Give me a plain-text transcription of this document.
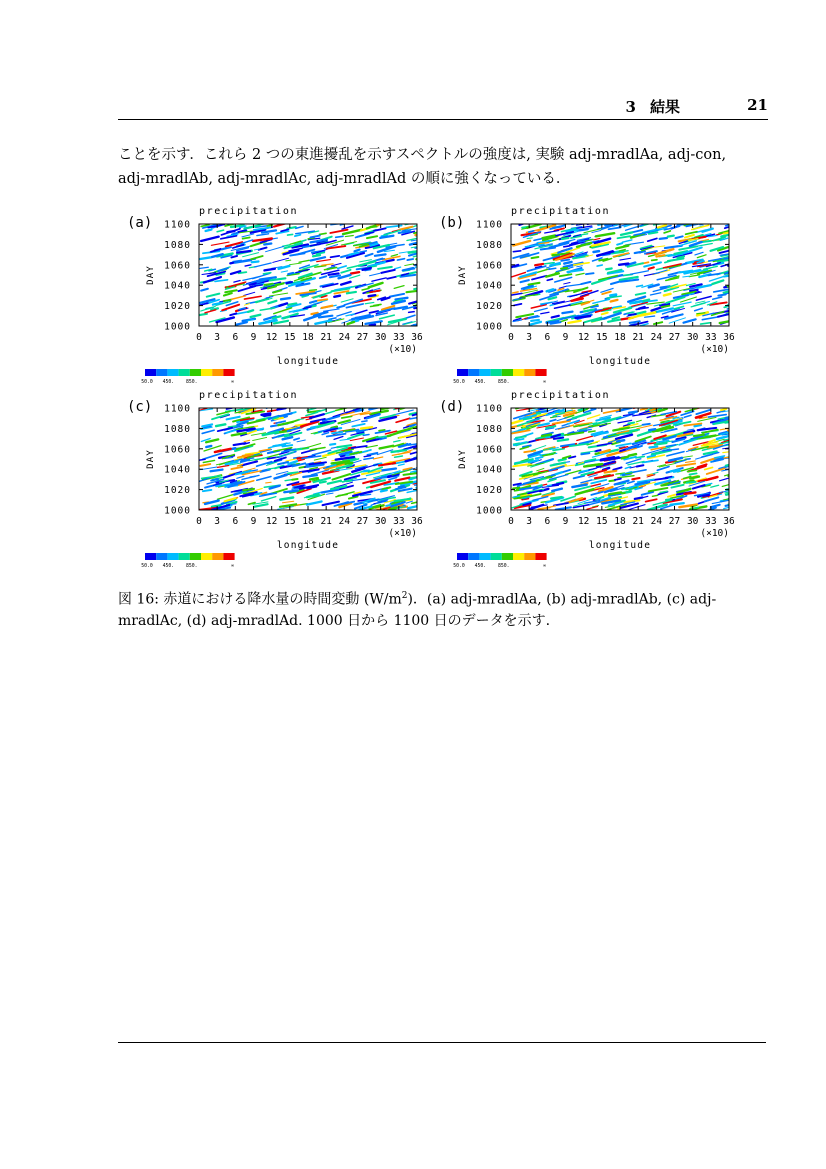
3 結果	21
ことを示す．これら 2 つの東進擾乱を示すスペクトルの強度は, 実験 adj-mradlAa, adj-con,
adj-mradlAb, adj-mradlAc, adj-mradlAd の順に強くなっている．
(a)
precipitation
1000
1020
1040
1060
1080
1100
0 3 6 9 12 15 18 21 24 27 30 33 36
(×10)
longitude
DAY
50.0 450. 850.	∞
(b)
precipitation
1000
1020
1040
1060
1080
1100
0 3 6 9 12 15 18 21 24 27 30 33 36
(×10)
longitude
DAY
50.0 450. 850.	∞
(c)
precipitation
1000
1020
1040
1060
1080
1100
0 3 6 9 12 15 18 21 24 27 30 33 36
(×10)
longitude
DAY
50.0 450. 850.	∞
(d)
precipitation
1000
1020
1040
1060
1080
1100
0 3 6 9 12 15 18 21 24 27 30 33 36
(×10)
longitude
DAY
50.0 450. 850.	∞
図 16: 赤道における降水量の時間変動 $(W/m^2)$．(a) adj-mradlAa, (b) adj-mradlAb, (c) adj-mradlAc, (d) adj-mradlAd. 1000 日から 1100 日のデータを示す.
